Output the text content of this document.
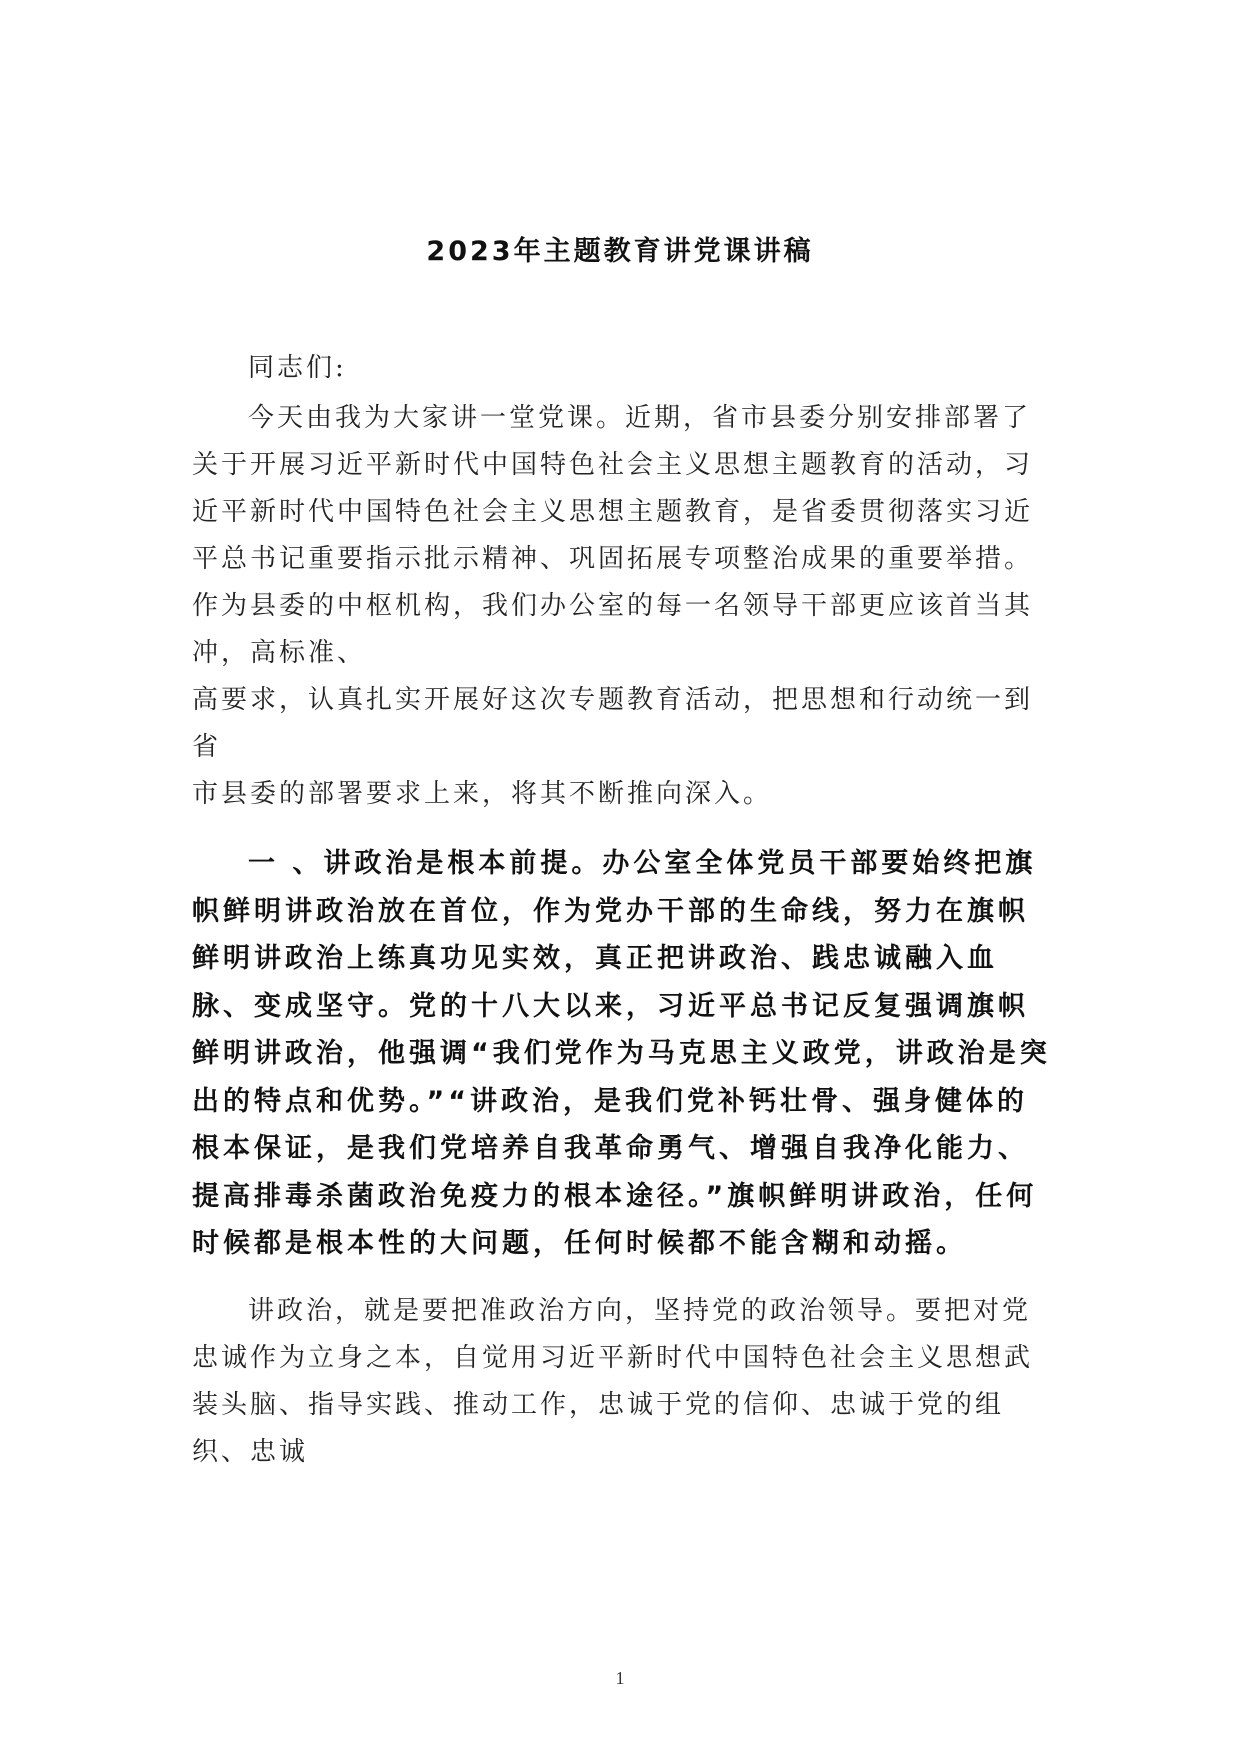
2023年主题教育讲党课讲稿

同志们:

今天由我为大家讲一堂党课。近期，省市县委分别安排部署了关于开展习近平新时代中国特色社会主义思想主题教育的活动，习近平新时代中国特色社会主义思想主题教育，是省委贯彻落实习近平总书记重要指示批示精神、巩固拓展专项整治成果的重要举措。作为县委的中枢机构，我们办公室的每一名领导干部更应该首当其冲，高标准、
高要求，认真扎实开展好这次专题教育活动，把思想和行动统一到
省

市县委的部署要求上来，将其不断推向深入。

一 、讲政治是根本前提。办公室全体党员干部要始终把旗帜鲜明讲政治放在首位，作为党办干部的生命线，努力在旗帜鲜明讲政治上练真功见实效，真正把讲政治、践忠诚融入血脉、变成坚守。党的十八大以来，习近平总书记反复强调旗帜鲜明讲政治，他强调“我们党作为马克思主义政党，讲政治是突出的特点和优势。”“讲政治，是我们党补钙壮骨、强身健体的根本保证，是我们党培养自我革命勇气、增强自我净化能力、提高排毒杀菌政治免疫力的根本途径。”旗帜鲜明讲政治，任何时候都是根本性的大问题，任何时候都不能含糊和动摇。

讲政治，就是要把准政治方向，坚持党的政治领导。要把对党忠诚作为立身之本，自觉用习近平新时代中国特色社会主义思想武装头脑、指导实践、推动工作，忠诚于党的信仰、忠诚于党的组织、忠诚

1
